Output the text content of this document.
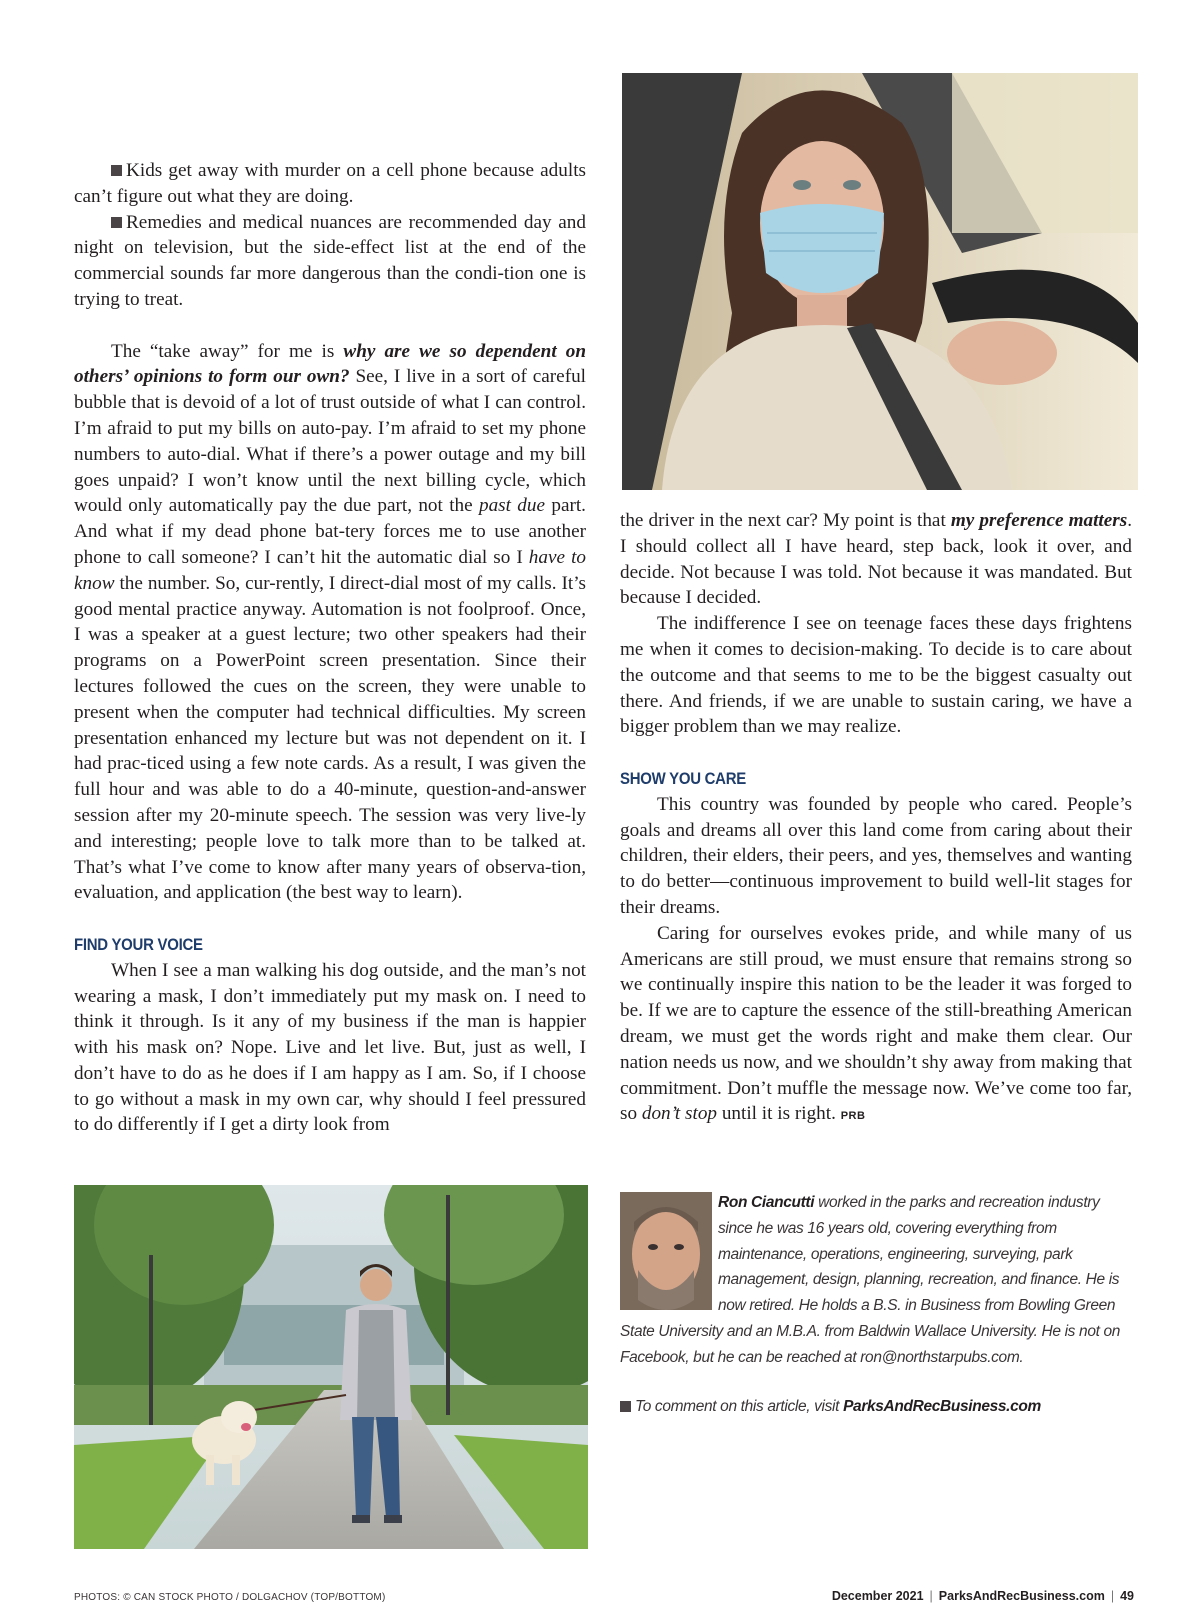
Kids get away with murder on a cell phone because adults can’t figure out what they are doing.

Remedies and medical nuances are recommended day and night on television, but the side-effect list at the end of the commercial sounds far more dangerous than the condi-tion one is trying to treat.

The “take away” for me is why are we so dependent on others’ opinions to form our own? See, I live in a sort of careful bubble that is devoid of a lot of trust outside of what I can control. I’m afraid to put my bills on auto-pay. I’m afraid to set my phone numbers to auto-dial. What if there’s a power outage and my bill goes unpaid? I won’t know until the next billing cycle, which would only automatically pay the due part, not the past due part. And what if my dead phone bat-tery forces me to use another phone to call someone? I can’t hit the automatic dial so I have to know the number. So, cur-rently, I direct-dial most of my calls. It’s good mental practice anyway. Automation is not foolproof. Once, I was a speaker at a guest lecture; two other speakers had their programs on a PowerPoint screen presentation. Since their lectures followed the cues on the screen, they were unable to present when the computer had technical difficulties. My screen presentation enhanced my lecture but was not dependent on it. I had prac-ticed using a few note cards. As a result, I was given the full hour and was able to do a 40-minute, question-and-answer session after my 20-minute speech. The session was very live-ly and interesting; people love to talk more than to be talked at. That’s what I’ve come to know after many years of observa-tion, evaluation, and application (the best way to learn).

FIND YOUR VOICE

When I see a man walking his dog outside, and the man’s not wearing a mask, I don’t immediately put my mask on. I need to think it through. Is it any of my business if the man is happier with his mask on? Nope. Live and let live. But, just as well, I don’t have to do as he does if I am happy as I am. So, if I choose to go without a mask in my own car, why should I feel pressured to do differently if I get a dirty look from

the driver in the next car? My point is that my preference matters. I should collect all I have heard, step back, look it over, and decide. Not because I was told. Not because it was mandated. But because I decided.

The indifference I see on teenage faces these days frightens me when it comes to decision-making. To decide is to care about the outcome and that seems to me to be the biggest casualty out there. And friends, if we are unable to sustain caring, we have a bigger problem than we may realize.

SHOW YOU CARE

This country was founded by people who cared. People’s goals and dreams all over this land come from caring about their children, their elders, their peers, and yes, themselves and wanting to do better—continuous improvement to build well-lit stages for their dreams.

Caring for ourselves evokes pride, and while many of us Americans are still proud, we must ensure that remains strong so we continually inspire this nation to be the leader it was forged to be. If we are to capture the essence of the still-breathing American dream, we must get the words right and make them clear. Our nation needs us now, and we shouldn’t shy away from making that commitment. Don’t muffle the message now. We’ve come too far, so don’t stop until it is right. PRB

Ron Ciancutti worked in the parks and recreation industry since he was 16 years old, covering everything from maintenance, operations, engineering, surveying, park management, design, planning, recreation, and finance. He is now retired. He holds a B.S. in Business from Bowling Green State University and an M.B.A. from Baldwin Wallace University. He is not on Facebook, but he can be reached at ron@northstarpubs.com.
To comment on this article, visit ParksAndRecBusiness.com
PHOTOS: © CAN STOCK PHOTO / DOLGACHOV (TOP/BOTTOM)	December 2021 | ParksAndRecBusiness.com | 49
